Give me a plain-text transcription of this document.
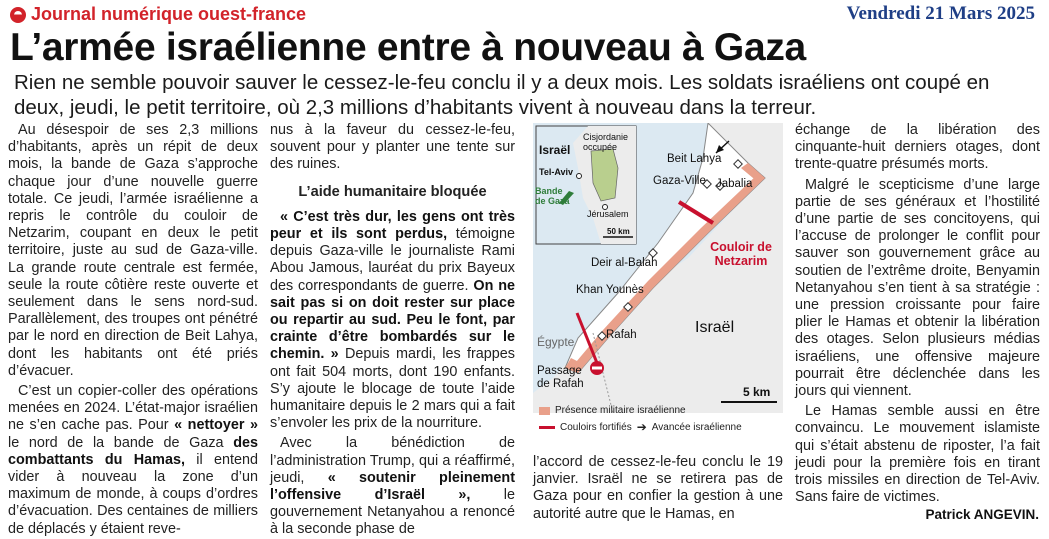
Journal numérique ouest-france	Vendredi 21 Mars 2025
L’armée israélienne entre à nouveau à Gaza
Rien ne semble pouvoir sauver le cessez-le-feu conclu il y a deux mois. Les soldats israéliens ont coupé en deux, jeudi, le petit territoire, où 2,3 millions d’habitants vivent à nouveau dans la terreur.

Au désespoir de ses 2,3 millions d’habitants, après un répit de deux mois, la bande de Gaza s’approche chaque jour d’une nouvelle guerre totale. Ce jeudi, l’armée israélienne a repris le contrôle du couloir de Netzarim, coupant en deux le petit territoire, juste au sud de Gaza-ville. La grande route centrale est fermée, seule la route côtière reste ouverte et seulement dans le sens nord-sud. Parallèlement, des troupes ont pénétré par le nord en direction de Beit Lahya, dont les habitants ont été priés d’évacuer.

C’est un copier-coller des opérations menées en 2024. L’état-major israélien ne s’en cache pas. Pour « nettoyer » le nord de la bande de Gaza des combattants du Hamas, il entend vider à nouveau la zone d’un maximum de monde, à coups d’ordres d’évacuation. Des centaines de milliers de déplacés y étaient reve-

nus à la faveur du cessez-le-feu, souvent pour y planter une tente sur des ruines.

L’aide humanitaire bloquée

« C’est très dur, les gens ont très peur et ils sont perdus, témoigne depuis Gaza-ville le journaliste Rami Abou Jamous, lauréat du prix Bayeux des correspondants de guerre. On ne sait pas si on doit rester sur place ou repartir au sud. Peu le font, par crainte d’être bombardés sur le chemin. » Depuis mardi, les frappes ont fait 504 morts, dont 190 enfants. S’y ajoute le blocage de toute l’aide humanitaire depuis le 2 mars qui a fait s’envoler les prix de la nourriture.

Avec la bénédiction de l’administration Trump, qui a réaffirmé, jeudi, « soutenir pleinement l’offensive d’Israël », le gouvernement Netanyahou a renoncé à la seconde phase de

Israël
Cisjordanie occupée
Tel-Aviv
Jérusalem
Bande de Gaza
50 km
Beit Lahya
Gaza-Ville Jabalia
Deir al-Balah
Khan Younès
Rafah	Israël
Égypte
Passage de Rafah
Couloir de Netzarim
5 km
Présence militaire israélienne
Couloirs fortifiés ➔ Avancée israélienne

l’accord de cessez-le-feu conclu le 19 janvier. Israël ne se retirera pas de Gaza pour en confier la gestion à une autorité autre que le Hamas, en

échange de la libération des cinquante-huit derniers otages, dont trente-quatre présumés morts.

Malgré le scepticisme d’une large partie de ses généraux et l’hostilité d’une partie de ses concitoyens, qui l’accuse de prolonger le conflit pour sauver son gouvernement grâce au soutien de l’extrême droite, Benyamin Netanyahou s’en tient à sa stratégie : une pression croissante pour faire plier le Hamas et obtenir la libération des otages. Selon plusieurs médias israéliens, une offensive majeure pourrait être déclenchée dans les jours qui viennent.

Le Hamas semble aussi en être convaincu. Le mouvement islamiste qui s’était abstenu de riposter, l’a fait jeudi pour la première fois en tirant trois missiles en direction de Tel-Aviv. Sans faire de victimes.

Patrick ANGEVIN.
